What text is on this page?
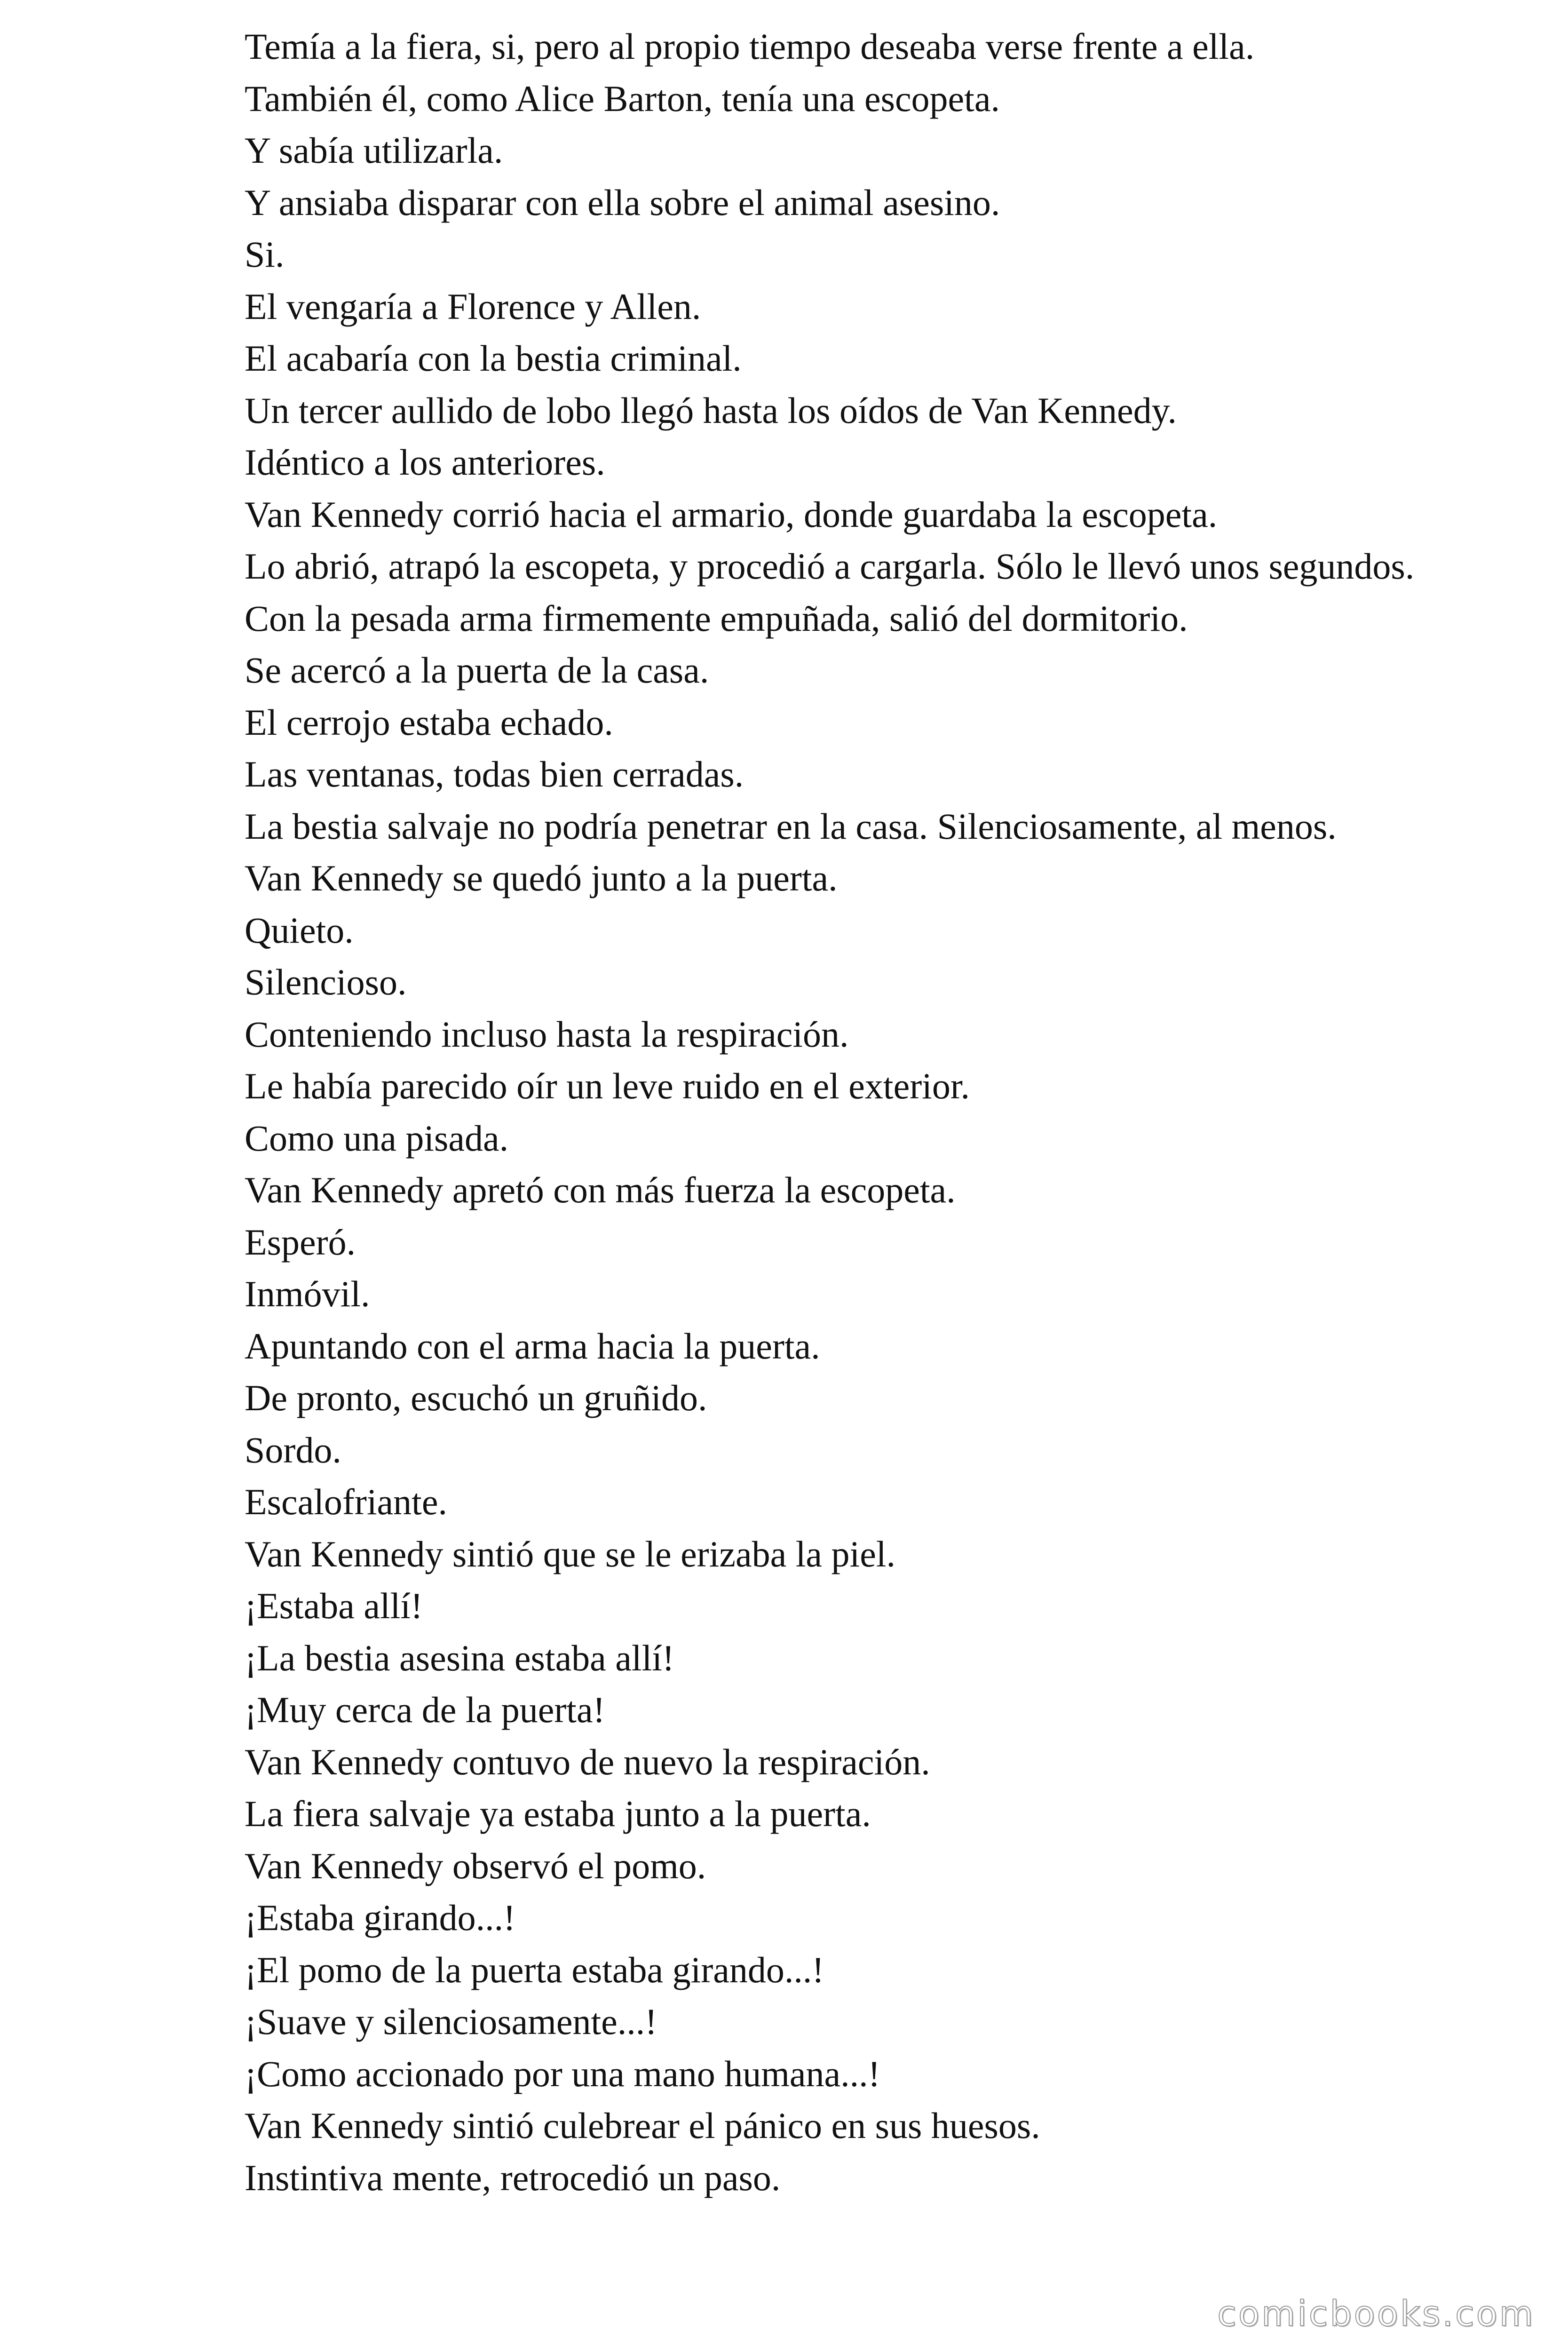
Temía a la fiera, si, pero al propio tiempo deseaba verse frente a ella.

También él, como Alice Barton, tenía una escopeta.

Y sabía utilizarla.

Y ansiaba disparar con ella sobre el animal asesino.

Si.

El vengaría a Florence y Allen.

El acabaría con la bestia criminal.

Un tercer aullido de lobo llegó hasta los oídos de Van Kennedy.

Idéntico a los anteriores.

Van Kennedy corrió hacia el armario, donde guardaba la escopeta.

Lo abrió, atrapó la escopeta, y procedió a cargarla. Sólo le llevó unos segundos.

Con la pesada arma firmemente empuñada, salió del dormitorio.

Se acercó a la puerta de la casa.

El cerrojo estaba echado.

Las ventanas, todas bien cerradas.

La bestia salvaje no podría penetrar en la casa. Silenciosamente, al menos.

Van Kennedy se quedó junto a la puerta.

Quieto.

Silencioso.

Conteniendo incluso hasta la respiración.

Le había parecido oír un leve ruido en el exterior.

Como una pisada.

Van Kennedy apretó con más fuerza la escopeta.

Esperó.

Inmóvil.

Apuntando con el arma hacia la puerta.

De pronto, escuchó un gruñido.

Sordo.

Escalofriante.

Van Kennedy sintió que se le erizaba la piel.

¡Estaba allí!

¡La bestia asesina estaba allí!

¡Muy cerca de la puerta!

Van Kennedy contuvo de nuevo la respiración.

La fiera salvaje ya estaba junto a la puerta.

Van Kennedy observó el pomo.

¡Estaba girando...!

¡El pomo de la puerta estaba girando...!

¡Suave y silenciosamente...!

¡Como accionado por una mano humana...!

Van Kennedy sintió culebrear el pánico en sus huesos.

Instintiva mente, retrocedió un paso.

comicbooks.com
